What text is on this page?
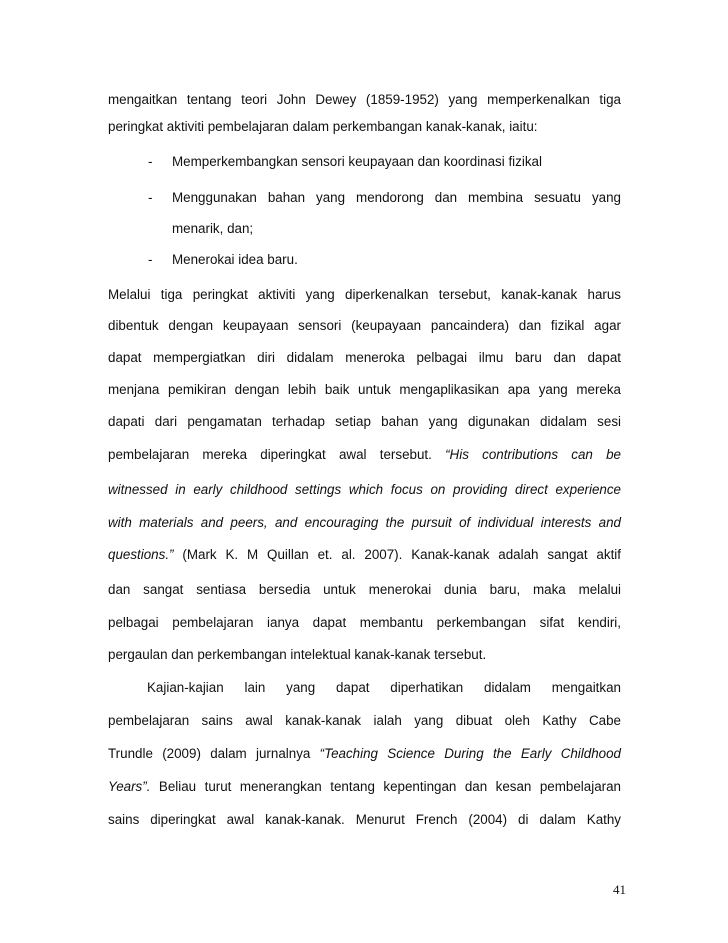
mengaitkan tentang teori John Dewey (1859-1952) yang memperkenalkan tiga
peringkat aktiviti pembelajaran dalam perkembangan kanak-kanak, iaitu:
- Memperkembangkan sensori keupayaan dan koordinasi fizikal
- Menggunakan bahan yang mendorong dan membina sesuatu yang
menarik, dan;
- Menerokai idea baru.
Melalui tiga peringkat aktiviti yang diperkenalkan tersebut, kanak-kanak harus
dibentuk dengan keupayaan sensori (keupayaan pancaindera) dan fizikal agar
dapat mempergiatkan diri didalam meneroka pelbagai ilmu baru dan dapat
menjana pemikiran dengan lebih baik untuk mengaplikasikan apa yang mereka
dapati dari pengamatan terhadap setiap bahan yang digunakan didalam sesi
pembelajaran mereka diperingkat awal tersebut. “His contributions can be
witnessed in early childhood settings which focus on providing direct experience
with materials and peers, and encouraging the pursuit of individual interests and
questions.” (Mark K. M Quillan et. al. 2007). Kanak-kanak adalah sangat aktif
dan sangat sentiasa bersedia untuk menerokai dunia baru, maka melalui
pelbagai pembelajaran ianya dapat membantu perkembangan sifat kendiri,
pergaulan dan perkembangan intelektual kanak-kanak tersebut.
Kajian-kajian lain yang dapat diperhatikan didalam mengaitkan
pembelajaran sains awal kanak-kanak ialah yang dibuat oleh Kathy Cabe
Trundle (2009) dalam jurnalnya “Teaching Science During the Early Childhood
Years”. Beliau turut menerangkan tentang kepentingan dan kesan pembelajaran
sains diperingkat awal kanak-kanak. Menurut French (2004) di dalam Kathy
41
